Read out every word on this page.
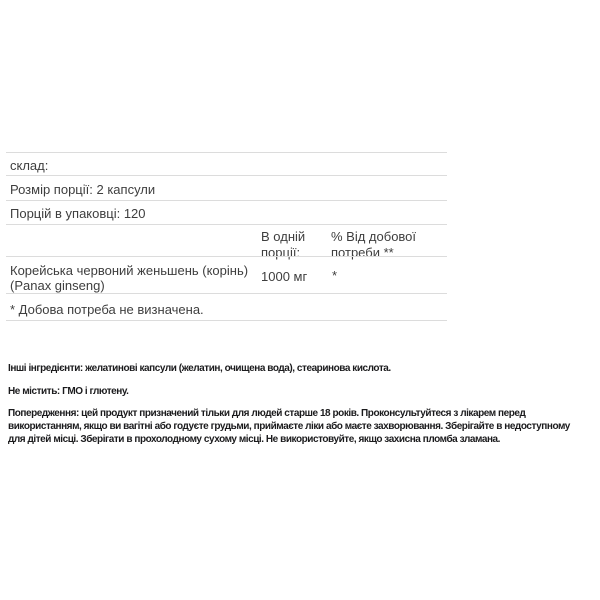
склад:
Розмір порції: 2 капсули
Порцій в упаковці: 120
В одній порції:
% Від добової потреби **
Корейська червоний женьшень (корінь)
(Panax ginseng)
1000 мг *
* Добова потреба не визначена.

Інші інгредієнти: желатинові капсули (желатин, очищена вода), стеаринова кислота.

Не містить: ГМО і глютену.

Попередження: цей продукт призначений тільки для людей старше 18 років. Проконсультуйтеся з лікарем перед
використанням, якщо ви вагітні або годуєте грудьми, приймаєте ліки або маєте захворювання. Зберігайте в недоступному
для дітей місці. Зберігати в прохолодному сухому місці. Не використовуйте, якщо захисна пломба зламана.
